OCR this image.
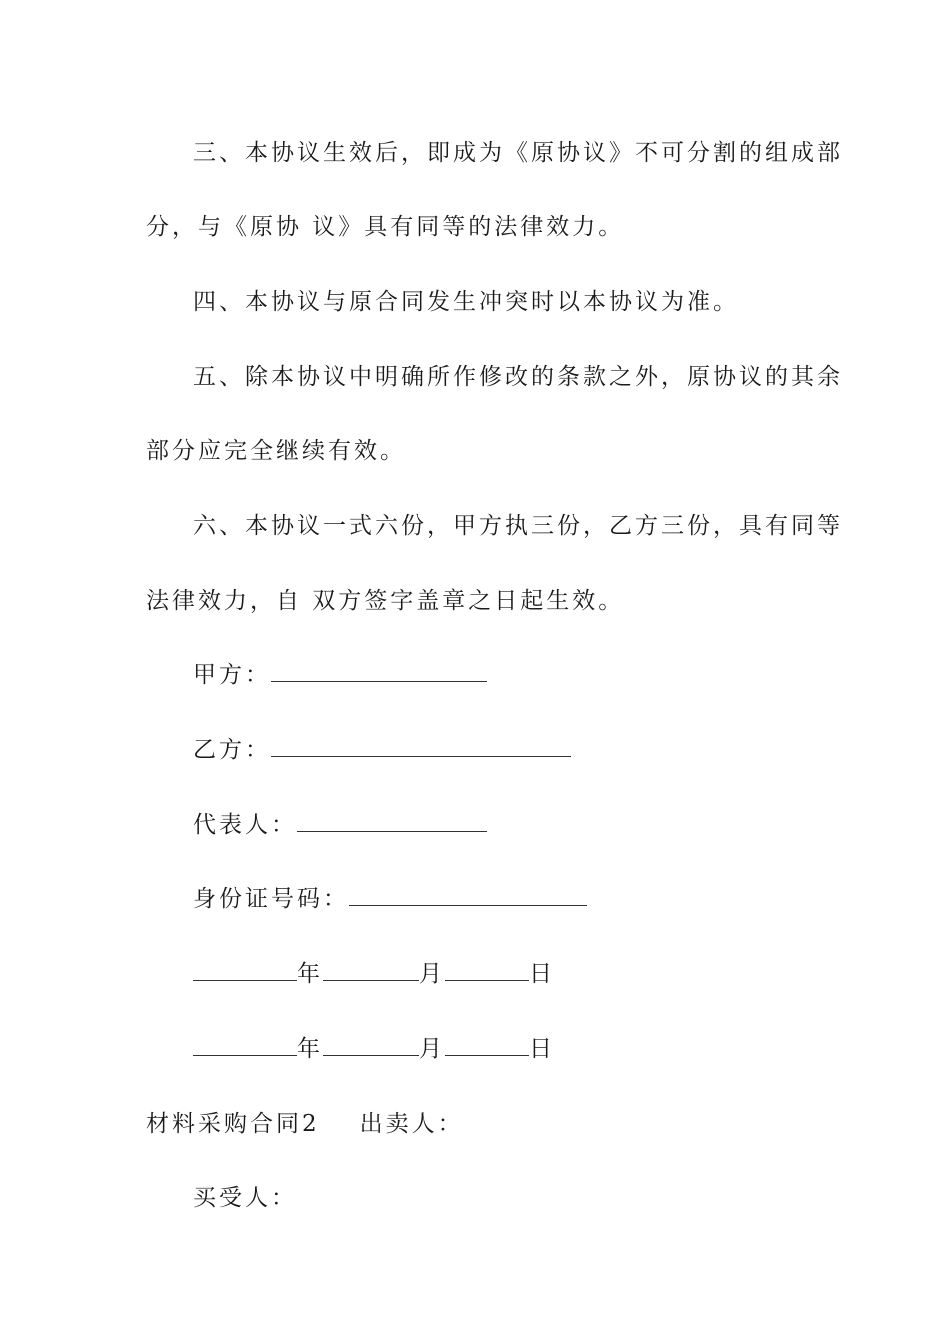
三、本协议生效后，即成为《原协议》不可分割的组成部
分，与《原协 议》具有同等的法律效力。
四、本协议与原合同发生冲突时以本协议为准。
五、除本协议中明确所作修改的条款之外，原协议的其余
部分应完全继续有效。
六、本协议一式六份，甲方执三份，乙方三份，具有同等
法律效力，自 双方签字盖章之日起生效。
甲方：
乙方：
代表人：
身份证号码：
年	月	日
年	月	日
材料采购合同2 出卖人：
买受人：
